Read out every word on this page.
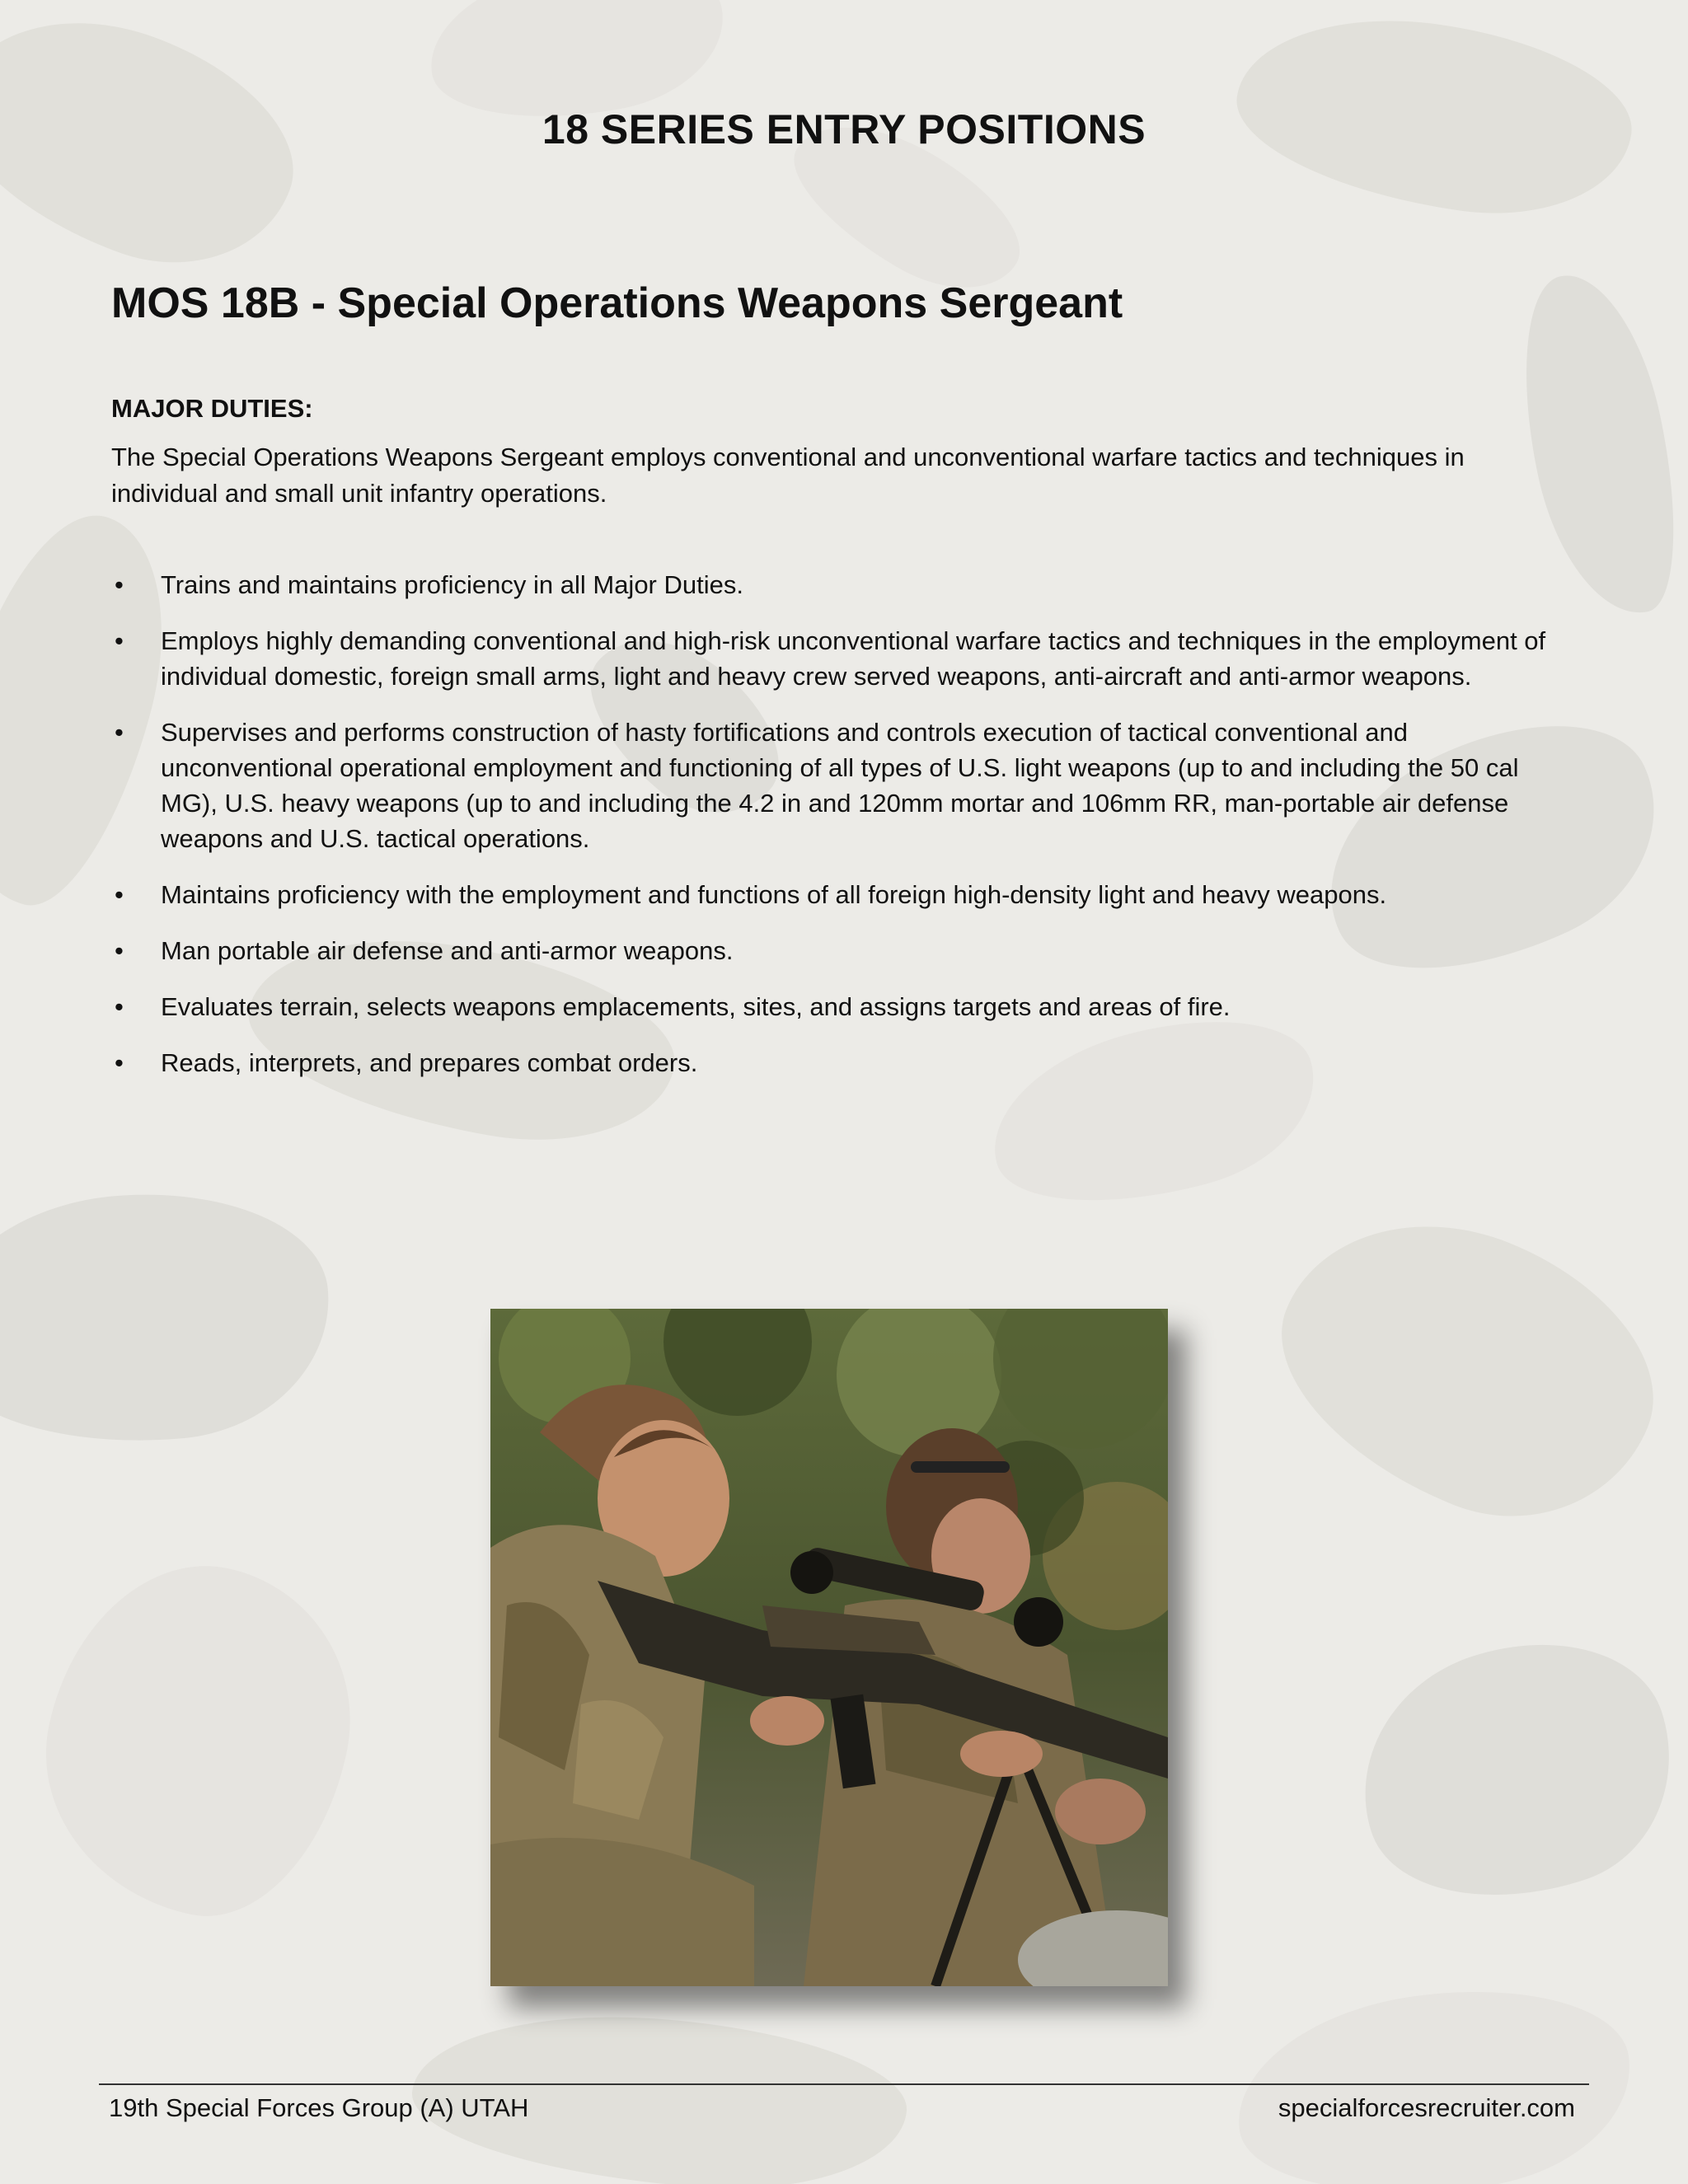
18 SERIES ENTRY POSITIONS
MOS 18B - Special Operations Weapons Sergeant
MAJOR DUTIES:
The Special Operations Weapons Sergeant employs conventional and unconventional warfare tactics and techniques in individual and small unit infantry operations.
• Trains and maintains proficiency in all Major Duties.
• Employs highly demanding conventional and high-risk unconventional warfare tactics and techniques in the employment of individual domestic, foreign small arms, light and heavy crew served weapons, anti-aircraft and anti-armor weapons.
• Supervises and performs construction of hasty fortifications and controls execution of tactical conventional and unconventional operational employment and functioning of all types of U.S. light weapons (up to and including the 50 cal MG), U.S. heavy weapons (up to and including the 4.2 in and 120mm mortar and 106mm RR, man-portable air defense weapons and U.S. tactical operations.
• Maintains proficiency with the employment and functions of all foreign high-density light and heavy weapons.
• Man portable air defense and anti-armor weapons.
• Evaluates terrain, selects weapons emplacements, sites, and assigns targets and areas of fire.
• Reads, interprets, and prepares combat orders.
19th Special Forces Group (A) UTAH	specialforcesrecruiter.com
